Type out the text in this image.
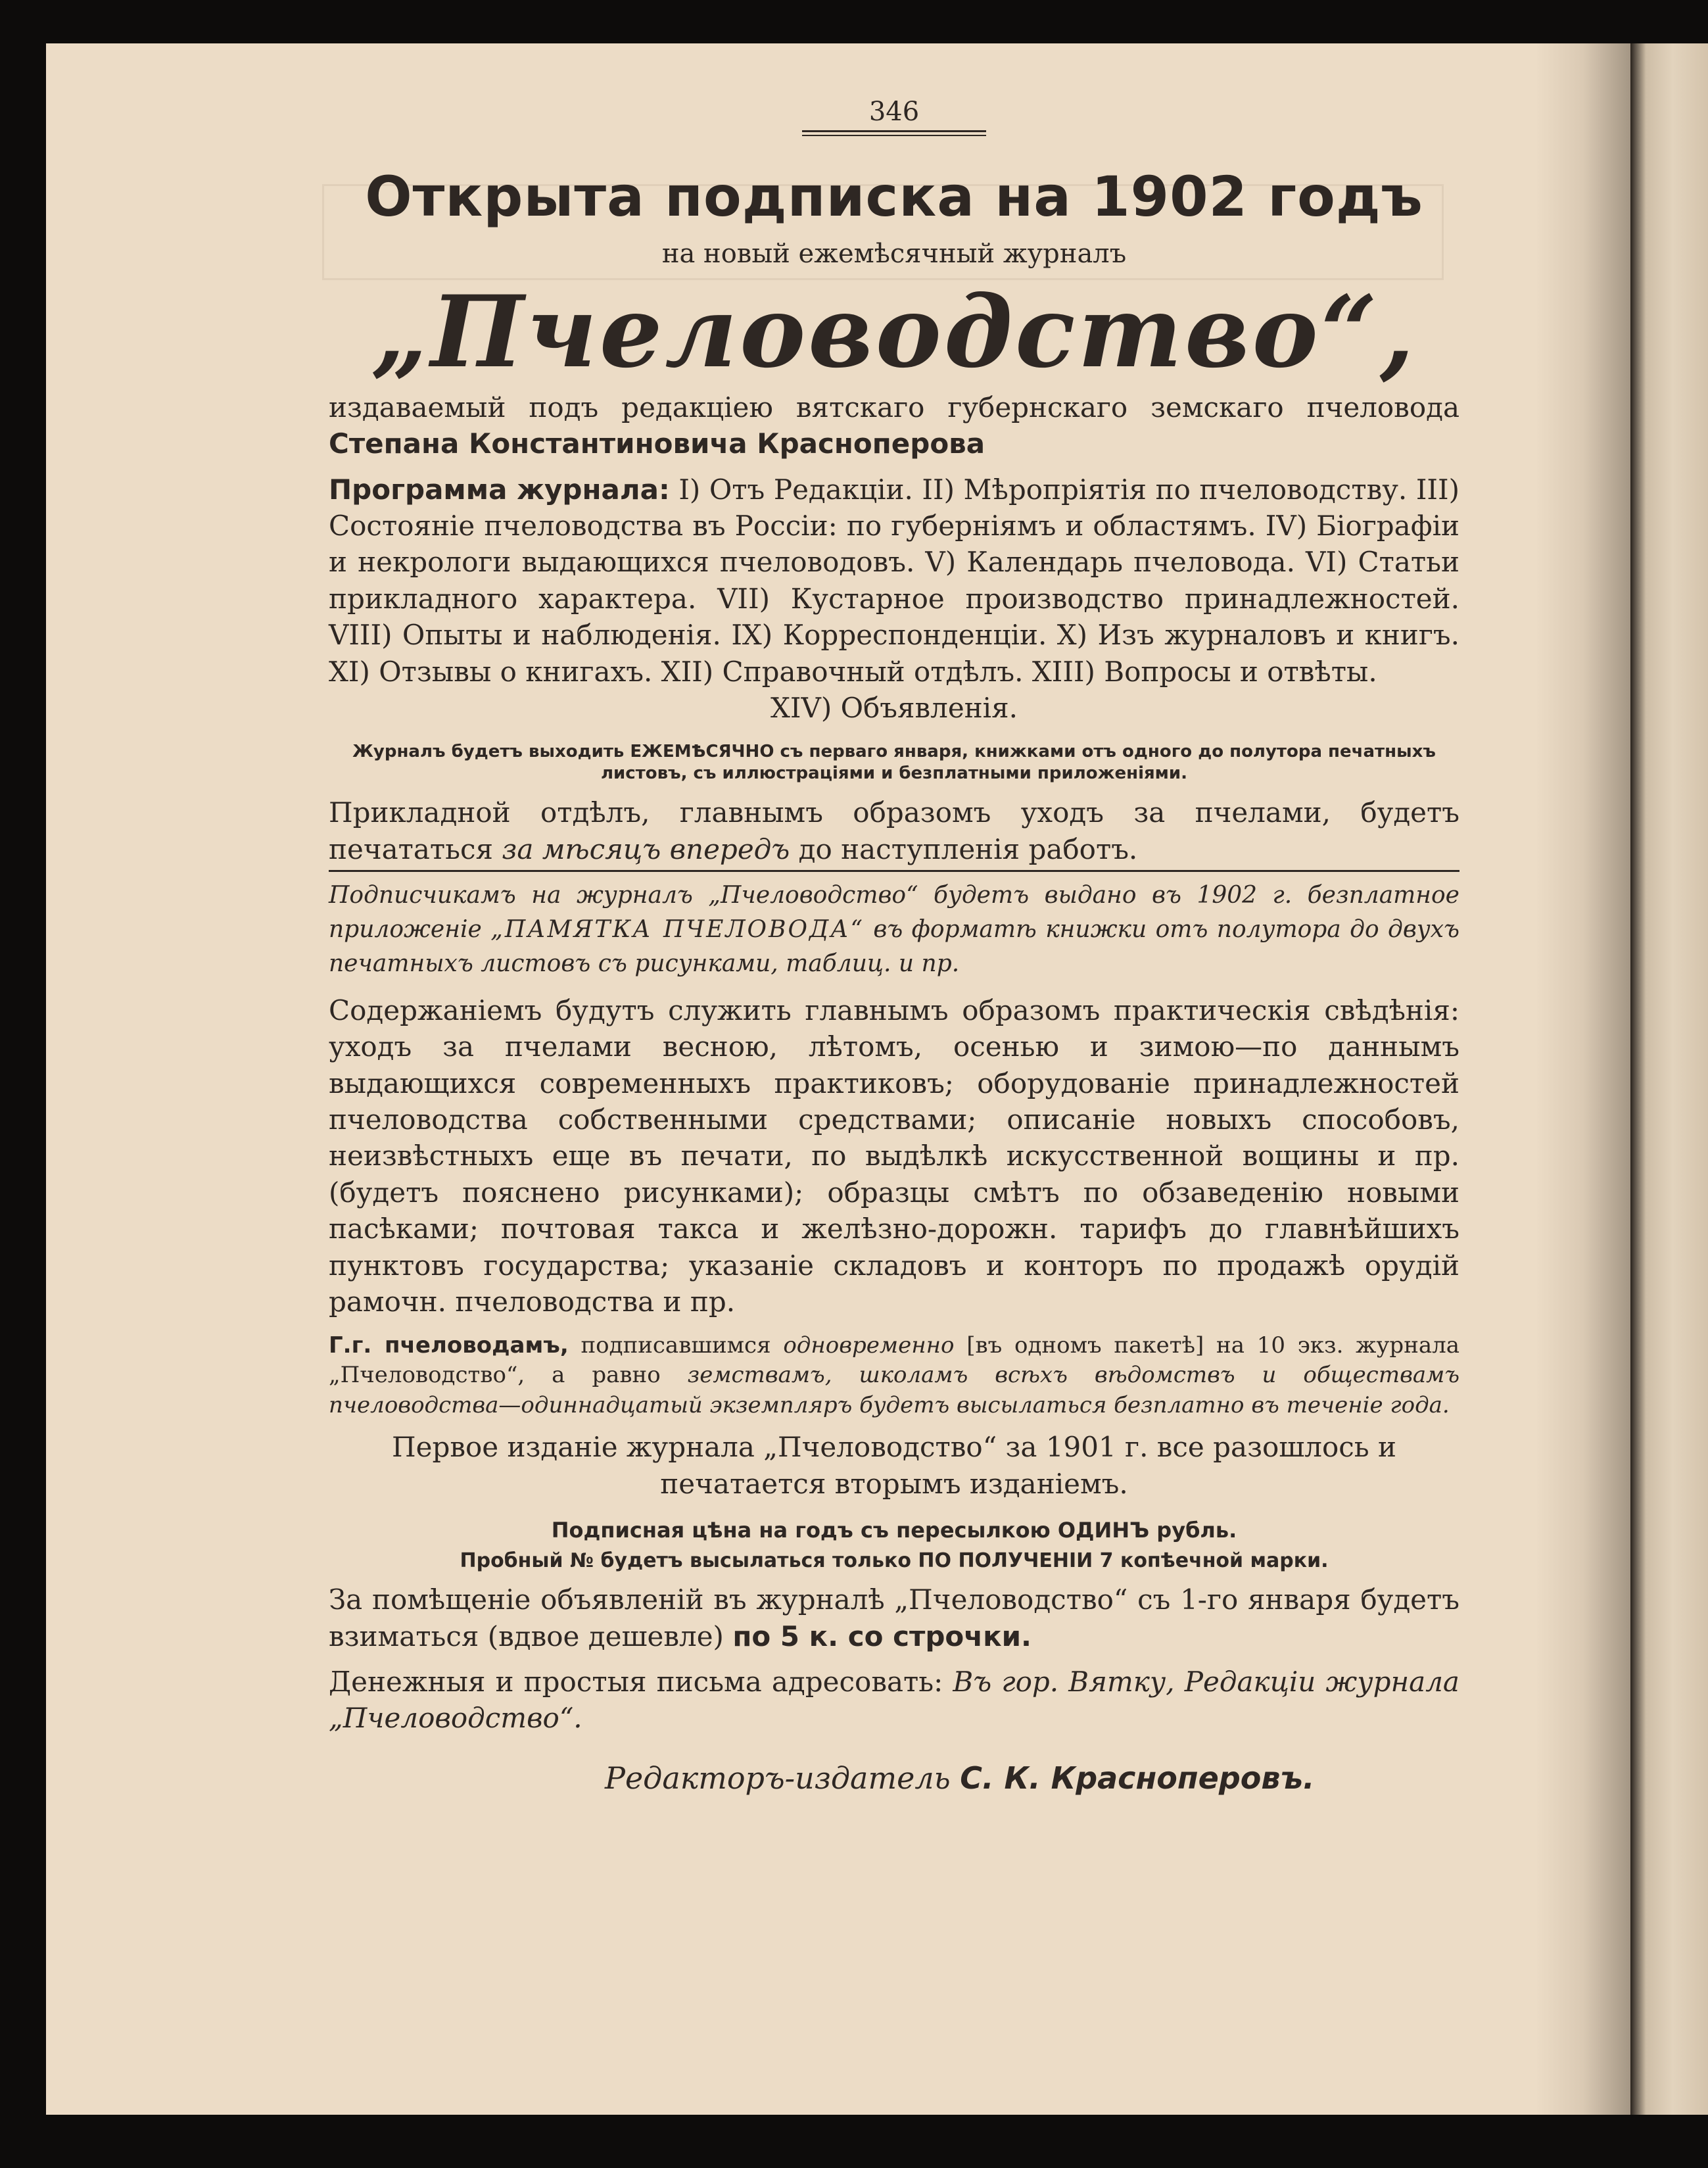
346
Открыта подписка на 1902 годъ
на новый ежемѣсячный журналъ
„Пчеловодство“,

издаваемый подъ редакціею вятскаго губернскаго земскаго пчеловода Степана Константиновича Красноперова

Программа журнала: I) Отъ Редакціи. II) Мѣропріятія по пчеловодству. III) Состояніе пчеловодства въ Россіи: по губерніямъ и областямъ. IV) Біографіи и некрологи выдающихся пчеловодовъ. V) Календарь пчеловода. VI) Статьи прикладного характера. VII) Кустарное производство принадлежностей. VIII) Опыты и наблюденія. IX) Корреспонденціи. X) Изъ журналовъ и книгъ. XI) Отзывы о книгахъ. XII) Справочный отдѣлъ. XIII) Вопросы и отвѣты.

XIV) Объявленія.

Журналъ будетъ выходить ЕЖЕМѢСЯЧНО съ перваго января, книжками отъ одного до полутора печатныхъ листовъ, съ иллюстраціями и безплатными приложеніями.

Прикладной отдѣлъ, главнымъ образомъ уходъ за пчелами, будетъ печататься за мѣсяцъ впередъ до наступленія работъ.

Подписчикамъ на журналъ „Пчеловодство“ будетъ выдано въ 1902 г. безплатное приложеніе „ПАМЯТКА ПЧЕЛОВОДА“ въ форматѣ книжки отъ полутора до двухъ печатныхъ листовъ съ рисунками, таблиц. и пр.

Содержаніемъ будутъ служить главнымъ образомъ практическія свѣдѣнія: уходъ за пчелами весною, лѣтомъ, осенью и зимою—по даннымъ выдающихся современныхъ практиковъ; оборудованіе принадлежностей пчеловодства собственными средствами; описаніе новыхъ способовъ, неизвѣстныхъ еще въ печати, по выдѣлкѣ искусственной вощины и пр. (будетъ пояснено рисунками); образцы смѣтъ по обзаведенію новыми пасѣками; почтовая такса и желѣзно-дорожн. тарифъ до главнѣйшихъ пунктовъ государства; указаніе складовъ и конторъ по продажѣ орудій рамочн. пчеловодства и пр.

Г.г. пчеловодамъ, подписавшимся одновременно [въ одномъ пакетѣ] на 10 экз. журнала „Пчеловодство“, а равно земствамъ, школамъ всѣхъ вѣдомствъ и обществамъ пчеловодства—одиннадцатый экземпляръ будетъ высылаться безплатно въ теченіе года.

Первое изданіе журнала „Пчеловодство“ за 1901 г. все разошлось и печатается вторымъ изданіемъ.

Подписная цѣна на годъ съ пересылкою ОДИНЪ рубль.
Пробный № будетъ высылаться только ПО ПОЛУЧЕНІИ 7 копѣечной марки.

За помѣщеніе объявленій въ журналѣ „Пчеловодство“ съ 1-го января будетъ взиматься (вдвое дешевле) по 5 к. со строчки.

Денежныя и простыя письма адресовать: Въ гор. Вятку, Редакціи журнала „Пчеловодство“.

Редакторъ-издатель С. К. Красноперовъ.
